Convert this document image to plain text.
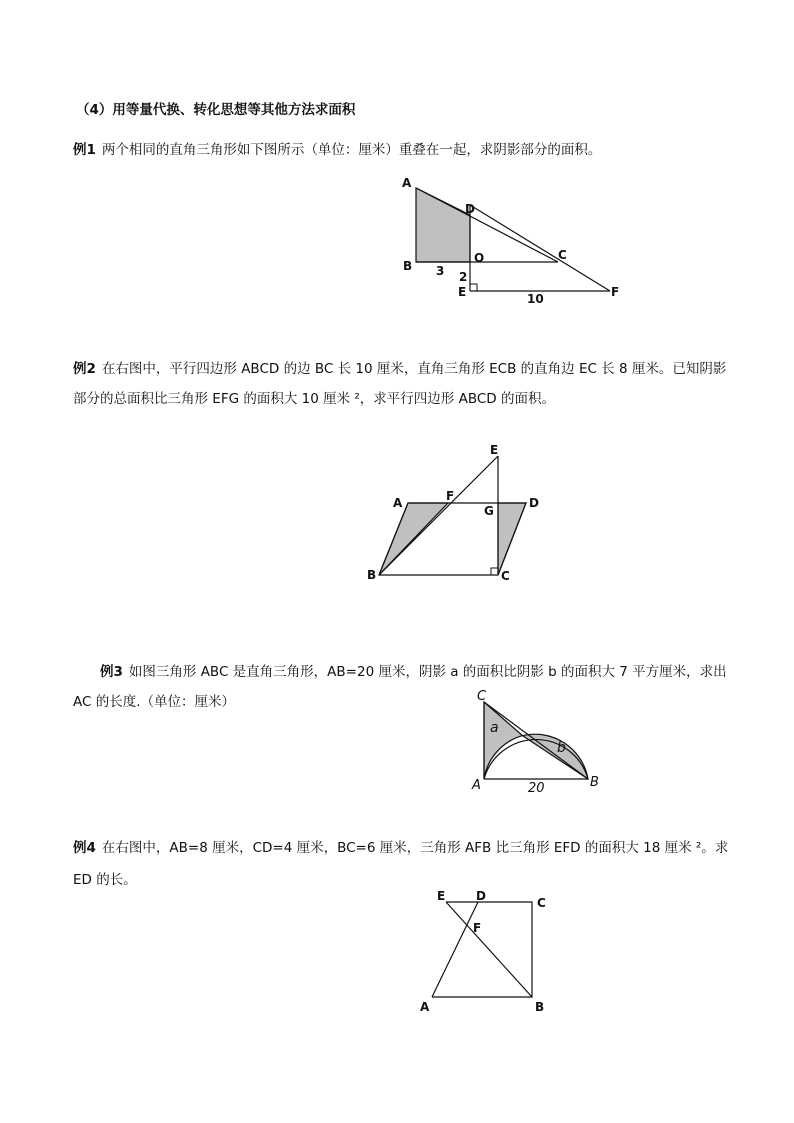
（4）用等量代换、转化思想等其他方法求面积
例1 两个相同的直角三角形如下图所示（单位：厘米）重叠在一起，求阴影部分的面积。
A
B
D
O	C
E	F
3 2
10
例2 在右图中，平行四边形 ABCD 的边 BC 长 10 厘米，直角三角形 ECB 的直角边 EC 长 8 厘米。已知阴影
部分的总面积比三角形 EFG 的面积大 10 厘米 ²，求平行四边形 ABCD 的面积。
E
A	F
G
D
B	C
例3 如图三角形 ABC 是直角三角形，AB=20 厘米，阴影 a 的面积比阴影 b 的面积大 7 平方厘米，求出
AC 的长度.（单位：厘米）	C
A	B
a
b
20
例4 在右图中，AB=8 厘米，CD=4 厘米，BC=6 厘米，三角形 AFB 比三角形 EFD 的面积大 18 厘米 ²。求
ED 的长。
E	D	C
F
A	B
